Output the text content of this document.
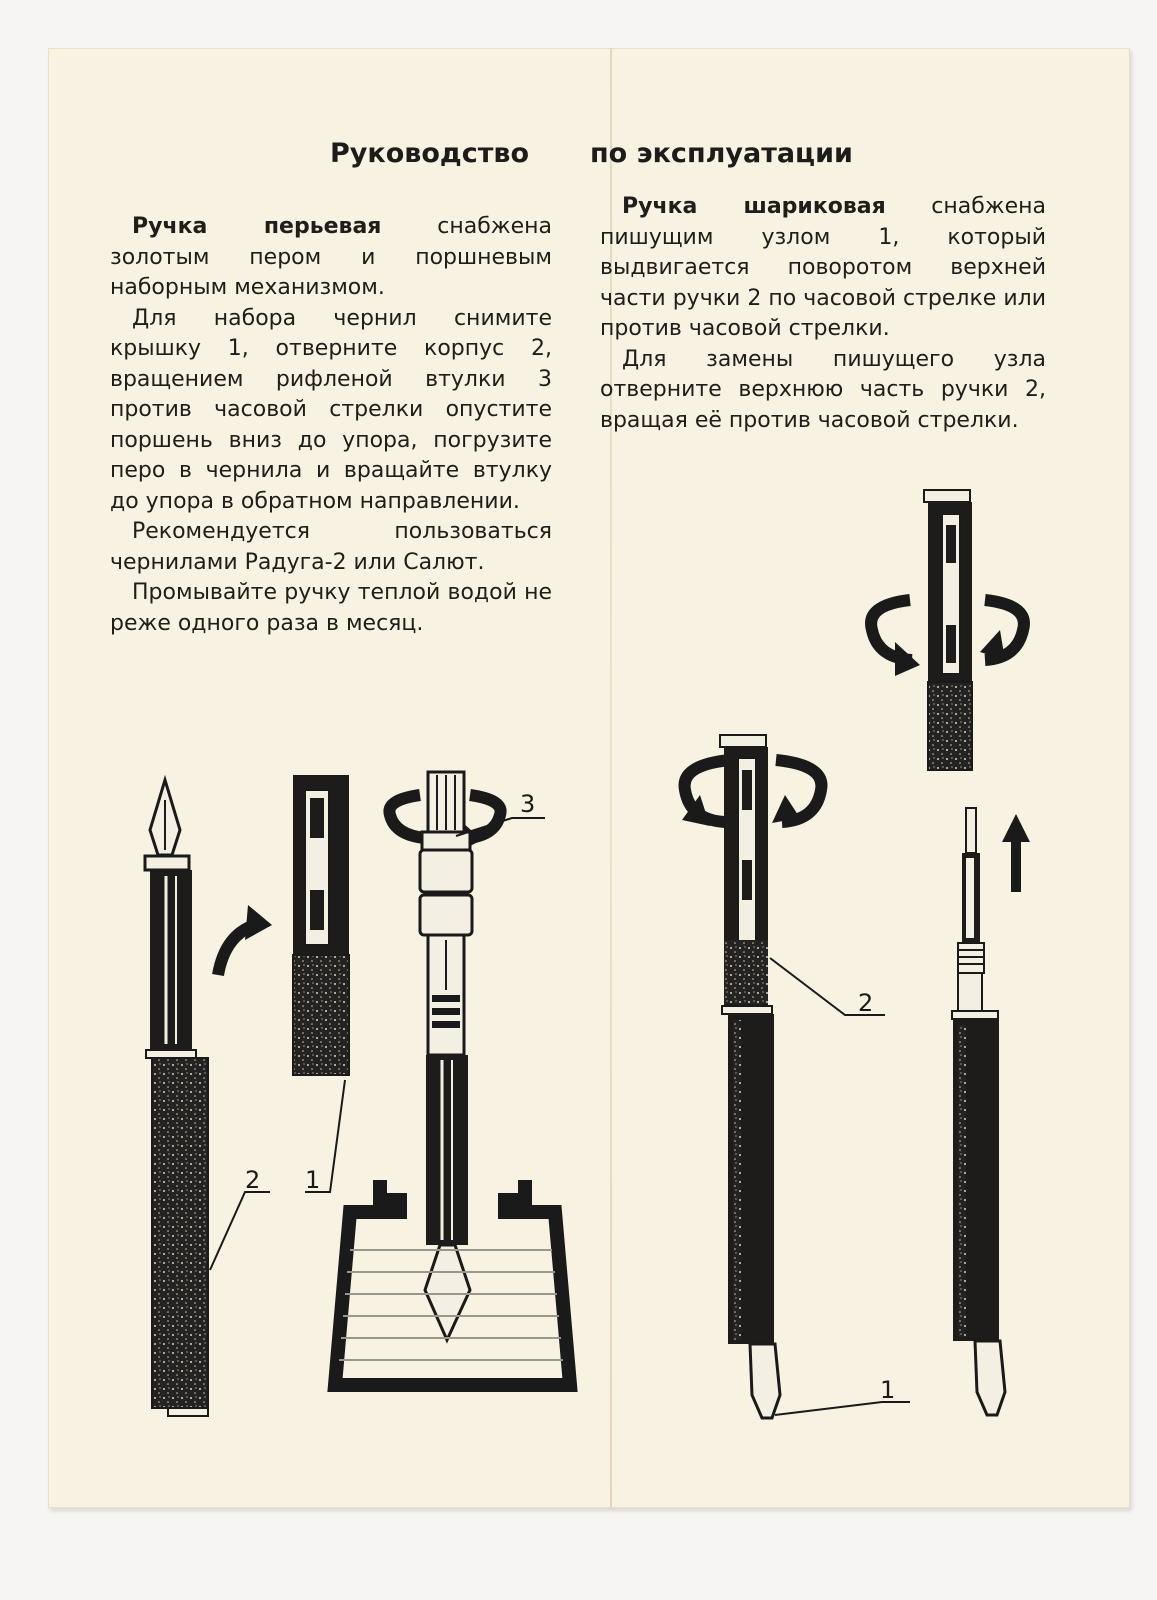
Руководство по эксплуатации

Ручка перьевая снабжена золотым пером и поршневым наборным механизмом.

Для набора чернил снимите крышку 1, отверните корпус 2, вращением рифленой втулки 3 против часовой стрелки опустите поршень вниз до упора, погрузите перо в чернила и вращайте втулку до упора в обратном направлении.

Рекомендуется пользоваться чернилами Радуга-2 или Салют.

Промывайте ручку теплой водой не реже одного раза в месяц.

Ручка шариковая снабжена пишущим узлом 1, который выдвигается поворотом верхней части ручки 2 по часовой стрелке или против часовой стрелки.

Для замены пишущего узла отверните верхнюю часть ручки 2, вращая её против часовой стрелки.

2 1
3
2
1
